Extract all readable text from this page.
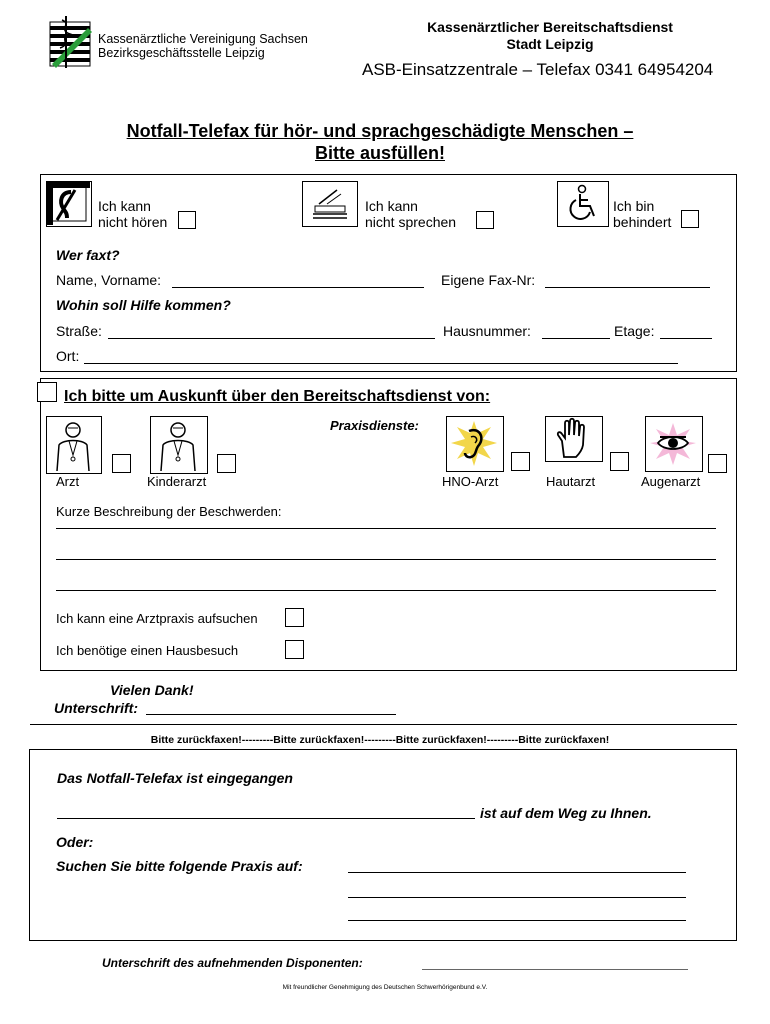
Kassenärztliche Vereinigung Sachsen
Bezirksgeschäftsstelle Leipzig
Kassenärztlicher Bereitschaftsdienst
Stadt Leipzig
ASB-Einsatzzentrale – Telefax 0341 64954204
Notfall-Telefax für hör- und sprachgeschädigte Menschen –
Bitte ausfüllen!
Ich kann
nicht hören
Ich kann
nicht sprechen
Ich bin
behindert
Wer faxt?
Name, Vorname:	Eigene Fax-Nr:
Wohin soll Hilfe kommen?
Straße:	Hausnummer:	Etage:
Ort:
Ich bitte um Auskunft über den Bereitschaftsdienst von:
Praxisdienste:
Arzt	Kinderarzt	HNO-Arzt	Hautarzt	Augenarzt
Kurze Beschreibung der Beschwerden:
Ich kann eine Arztpraxis aufsuchen
Ich benötige einen Hausbesuch
Vielen Dank!
Unterschrift:
Bitte zurückfaxen!---------Bitte zurückfaxen!---------Bitte zurückfaxen!---------Bitte zurückfaxen!
Das Notfall-Telefax ist eingegangen
ist auf dem Weg zu Ihnen.
Oder:
Suchen Sie bitte folgende Praxis auf:
Unterschrift des aufnehmenden Disponenten:
Mit freundlicher Genehmigung des Deutschen Schwerhörigenbund e.V.
